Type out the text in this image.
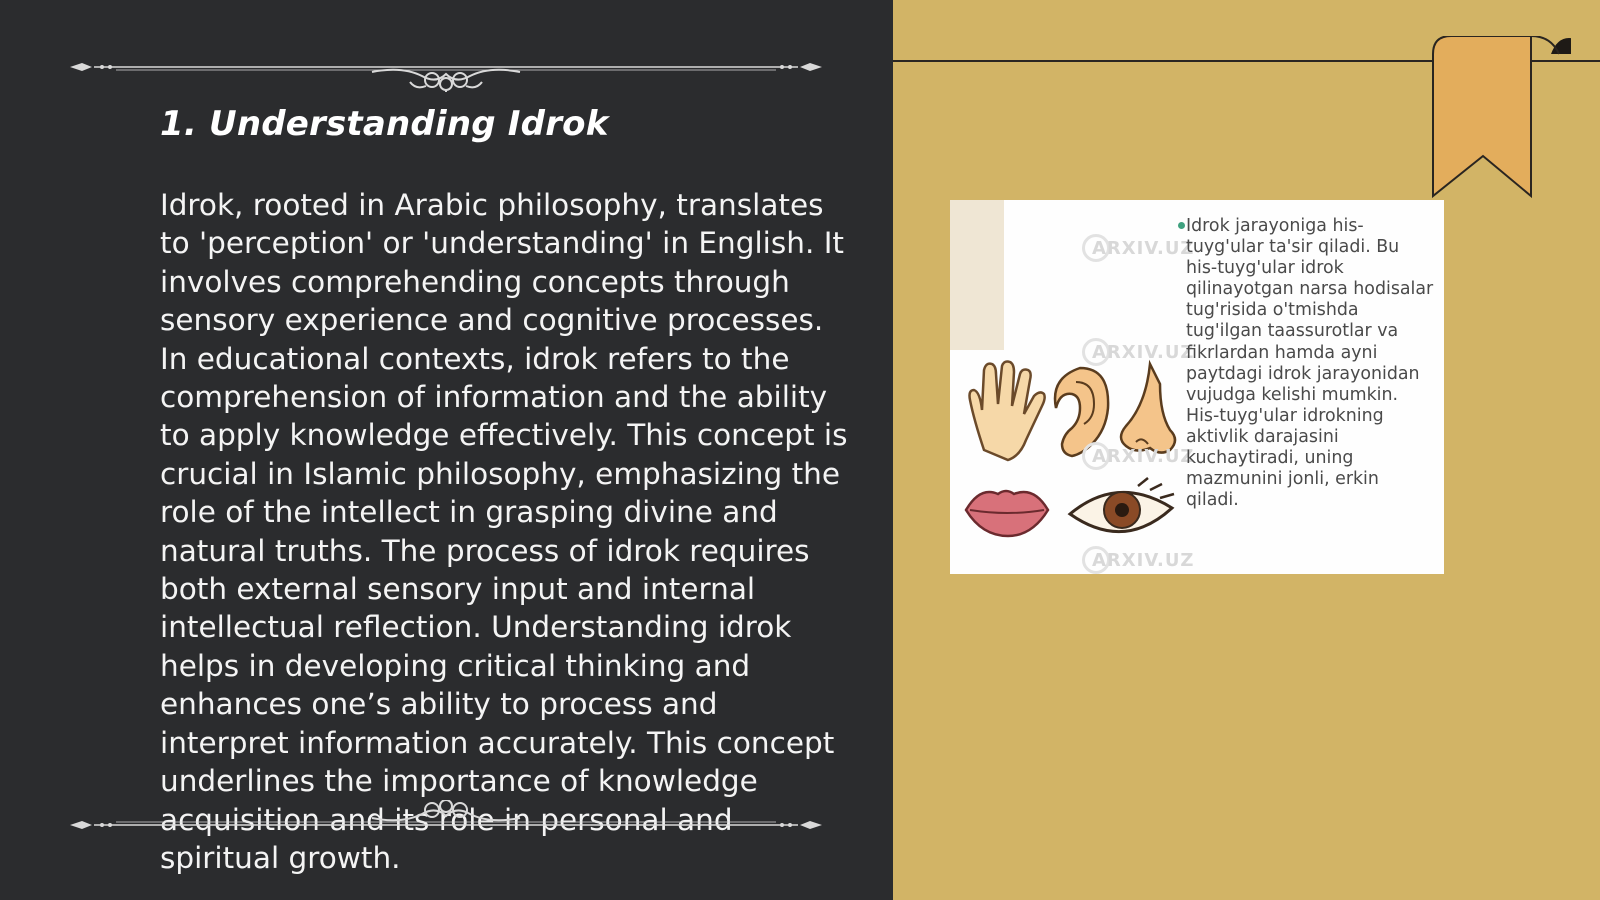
1. Understanding Idrok

Idrok, rooted in Arabic philosophy, translates to 'perception' or 'understanding' in English. It involves comprehending concepts through sensory experience and cognitive processes. In educational contexts, idrok refers to the comprehension of information and the ability to apply knowledge effectively. This concept is crucial in Islamic philosophy, emphasizing the role of the intellect in grasping divine and natural truths. The process of idrok requires both external sensory input and internal intellectual reflection. Understanding idrok helps in developing critical thinking and enhances one’s ability to process and interpret information accurately. This concept underlines the importance of knowledge acquisition and its role in personal and spiritual growth.

ARXIV.UZ
ARXIV.UZ
ARXIV.UZ
ARXIV.UZ

Idrok jarayoniga his-tuyg'ular ta'sir qiladi. Bu his-tuyg'ular idrok qilinayotgan narsa hodisalar tug'risida o'tmishda tug'ilgan taassurotlar va fikrlardan hamda ayni paytdagi idrok jarayonidan vujudga kelishi mumkin. His-tuyg'ular idrokning aktivlik darajasini kuchaytiradi, uning mazmunini jonli, erkin qiladi.
